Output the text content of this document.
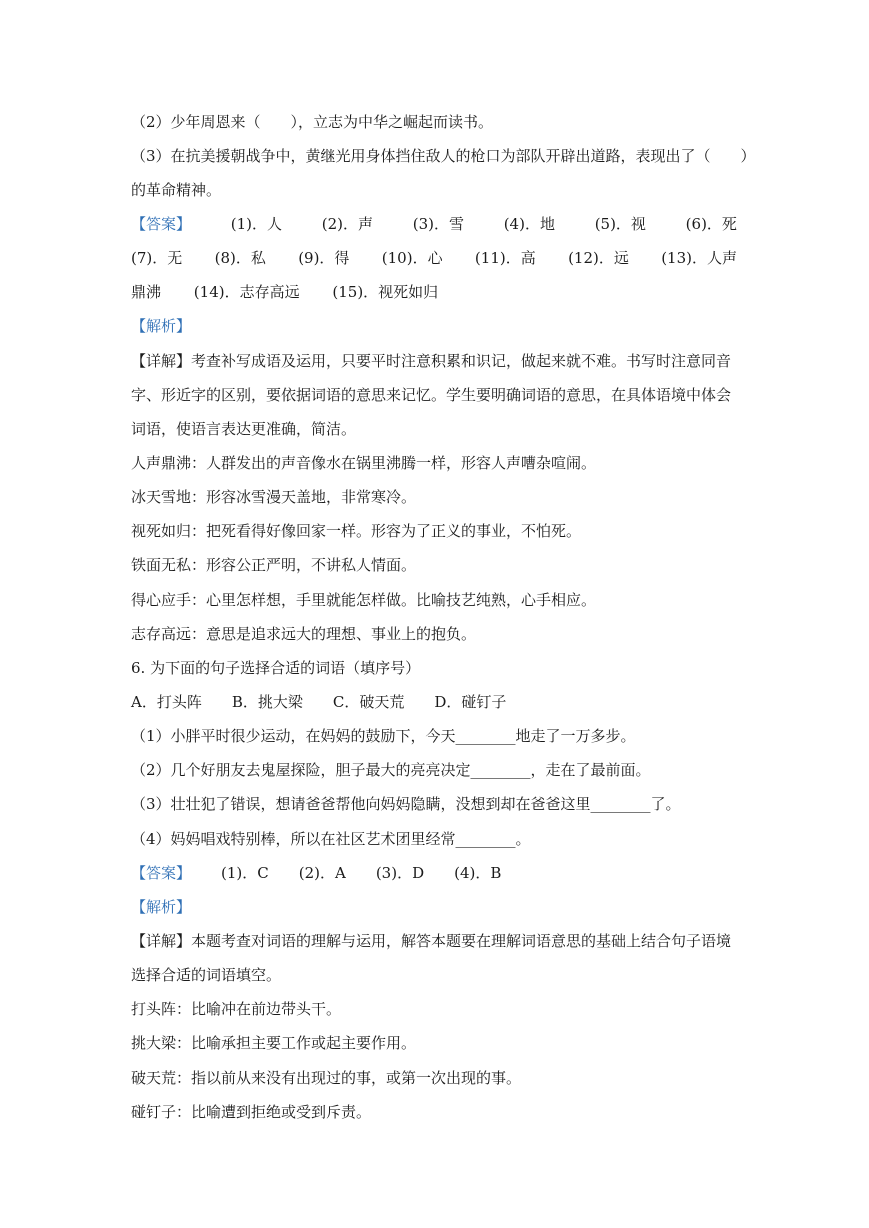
（2）少年周恩来（　　），立志为中华之崛起而读书。
（3）在抗美援朝战争中，黄继光用身体挡住敌人的枪口为部队开辟出道路，表现出了（　　）
的革命精神。
【答案】	(1)．人	(2)．声	(3)．雪	(4)．地	(5)．视	(6)．死
(7)．无 (8)．私 (9)．得 (10)．心 (11)．高 (12)．远 (13)．人声
鼎沸 (14)．志存高远 (15)．视死如归
【解析】
【详解】考查补写成语及运用，只要平时注意积累和识记，做起来就不难。书写时注意同音
字、形近字的区别，要依据词语的意思来记忆。学生要明确词语的意思，在具体语境中体会
词语，使语言表达更准确，简洁。
人声鼎沸：人群发出的声音像水在锅里沸腾一样，形容人声嘈杂喧闹。
冰天雪地：形容冰雪漫天盖地，非常寒冷。
视死如归：把死看得好像回家一样。形容为了正义的事业，不怕死。
铁面无私：形容公正严明，不讲私人情面。
得心应手：心里怎样想，手里就能怎样做。比喻技艺纯熟，心手相应。
志存高远：意思是追求远大的理想、事业上的抱负。
6. 为下面的句子选择合适的词语（填序号）
A．打头阵　　B．挑大梁　　C．破天荒　　D．碰钉子
（1）小胖平时很少运动，在妈妈的鼓励下，今天________地走了一万多步。
（2）几个好朋友去鬼屋探险，胆子最大的亮亮决定________，走在了最前面。
（3）壮壮犯了错误，想请爸爸帮他向妈妈隐瞒，没想到却在爸爸这里________了。
（4）妈妈唱戏特别棒，所以在社区艺术团里经常________。
【答案】 (1)．C　　(2)．A　　(3)．D　　(4)．B
【解析】
【详解】本题考查对词语的理解与运用，解答本题要在理解词语意思的基础上结合句子语境
选择合适的词语填空。
打头阵：比喻冲在前边带头干。
挑大梁：比喻承担主要工作或起主要作用。
破天荒：指以前从来没有出现过的事，或第一次出现的事。
碰钉子：比喻遭到拒绝或受到斥责。
